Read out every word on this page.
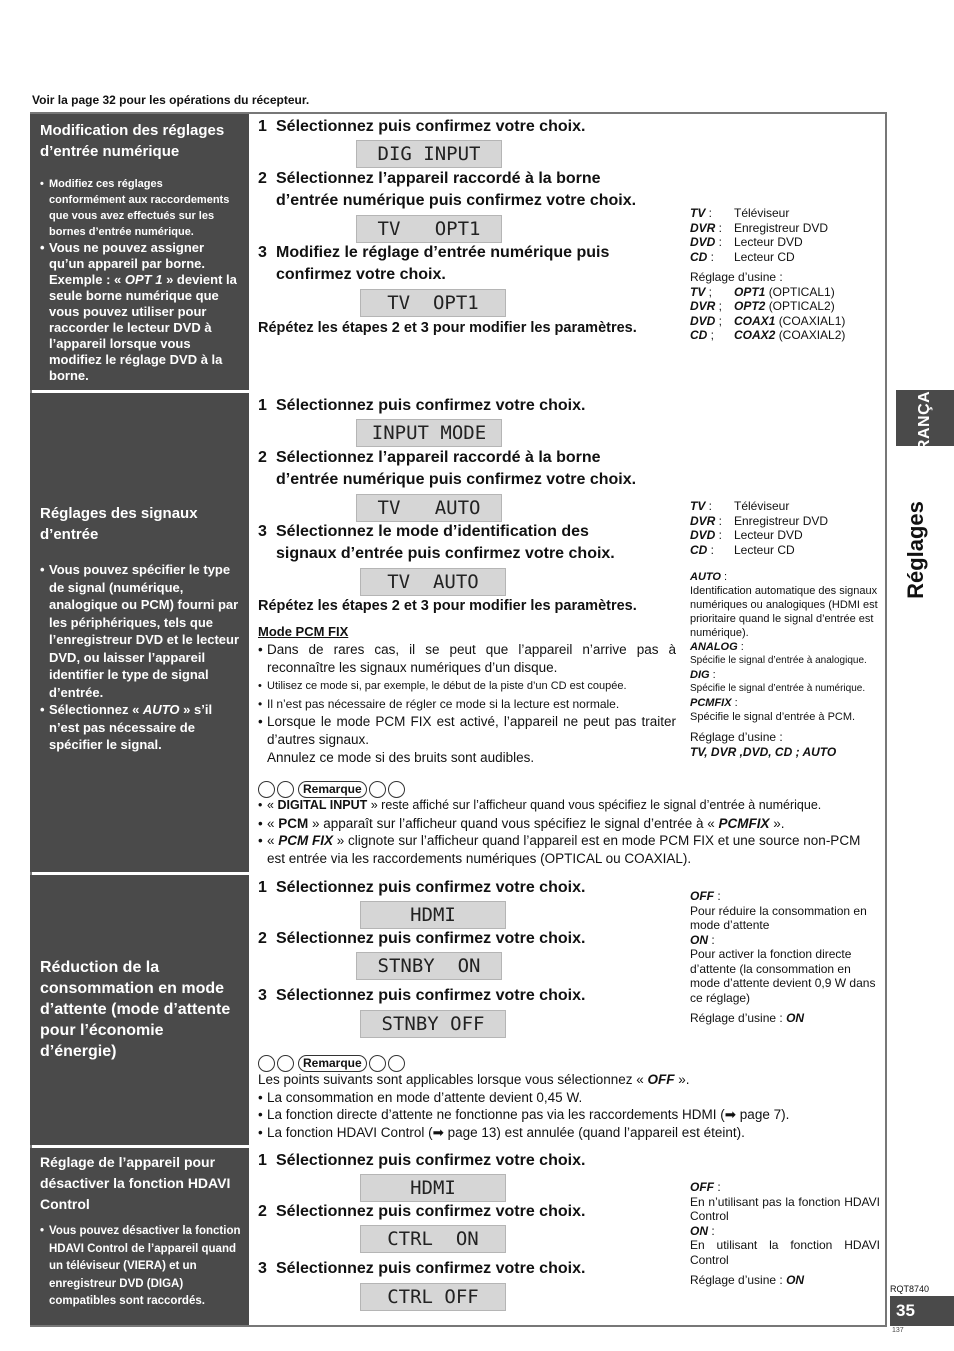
Voir la page 32 pour les opérations du récepteur.
Modification des réglages d’entrée numérique
• Modifiez ces réglages conformément aux raccordements que vous avez effectués sur les bornes d’entrée numérique.
• Vous ne pouvez assigner qu’un appareil par borne. Exemple : « OPT 1 » devient la seule borne numérique que vous pouvez utiliser pour raccorder le lecteur DVD à l’appareil lorsque vous modifiez le réglage DVD à la borne.
1 Sélectionnez puis confirmez votre choix.
DIG INPUT
2 Sélectionnez l’appareil raccordé à la borne
d’entrée numérique puis confirmez votre choix.
TV   OPT1
3 Modifiez le réglage d’entrée numérique puis
confirmez votre choix.
TV  OPT1
Répétez les étapes 2 et 3 pour modifier les paramètres.
TV :	Téléviseur
DVR :	Enregistreur DVD
DVD :	Lecteur DVD
CD :	Lecteur CD
Réglage d’usine :
TV ;	OPT1 (OPTICAL1)
DVR ;	OPT2 (OPTICAL2)
DVD ;	COAX1 (COAXIAL1)
CD ;	COAX2 (COAXIAL2)
Réglages des signaux d’entrée
• Vous pouvez spécifier le type de signal (numérique, analogique ou PCM) fourni par les périphériques, tels que l’enregistreur DVD et le lecteur DVD, ou laisser l’appareil identifier le type de signal d’entrée.
• Sélectionnez « AUTO » s’il n’est pas nécessaire de spécifier le signal.
1 Sélectionnez puis confirmez votre choix.
INPUT MODE
2 Sélectionnez l’appareil raccordé à la borne
d’entrée numérique puis confirmez votre choix.
TV   AUTO
3 Sélectionnez le mode d’identification des
signaux d’entrée puis confirmez votre choix.
TV  AUTO
Répétez les étapes 2 et 3 pour modifier les paramètres.
Mode PCM FIX
• Dans de rares cas, il se peut que l’appareil n’arrive pas à reconnaître les signaux numériques d’un disque.
• Utilisez ce mode si, par exemple, le début de la piste d’un CD est coupée.
• Il n’est pas nécessaire de régler ce mode si la lecture est normale.
• Lorsque le mode PCM FIX est activé, l’appareil ne peut pas traiter d’autres signaux.
Annulez ce mode si des bruits sont audibles.
TV :	Téléviseur
DVR :	Enregistreur DVD
DVD :	Lecteur DVD
CD :	Lecteur CD
AUTO :
Identification automatique des signaux numériques ou analogiques (HDMI est prioritaire quand le signal d’entrée est numérique).
ANALOG :
Spécifie le signal d’entrée à analogique.
DIG :
Spécifie le signal d’entrée à numérique.
PCMFIX :
Spécifie le signal d’entrée à PCM.
Réglage d’usine :
TV, DVR ,DVD, CD ; AUTO
Remarque
• « DIGITAL INPUT » reste affiché sur l’afficheur quand vous spécifiez le signal d’entrée à numérique.
• « PCM » apparaît sur l’afficheur quand vous spécifiez le signal d’entrée à « PCMFIX ».
• « PCM FIX » clignote sur l’afficheur quand l’appareil est en mode PCM FIX et une source non-PCM est entrée via les raccordements numériques (OPTICAL ou COAXIAL).
Réduction de la consommation en mode d’attente (mode d’attente pour l’économie d’énergie)
1 Sélectionnez puis confirmez votre choix.
HDMI
2 Sélectionnez puis confirmez votre choix.
STNBY  ON
3 Sélectionnez puis confirmez votre choix.
STNBY OFF
OFF :
Pour réduire la consommation en mode d’attente
ON :
Pour activer la fonction directe d’attente (la consommation en mode d’attente devient 0,9 W dans ce réglage)
Réglage d’usine : ON
Remarque
Les points suivants sont applicables lorsque vous sélectionnez « OFF ».
• La consommation en mode d’attente devient 0,45 W.
• La fonction directe d’attente ne fonctionne pas via les raccordements HDMI (➡ page 7).
• La fonction HDAVI Control (➡ page 13) est annulée (quand l’appareil est éteint).
Réglage de l’appareil pour désactiver la fonction HDAVI Control
• Vous pouvez désactiver la fonction HDAVI Control de l’appareil quand un téléviseur (VIERA) et un enregistreur DVD (DIGA) compatibles sont raccordés.
1 Sélectionnez puis confirmez votre choix.
HDMI
2 Sélectionnez puis confirmez votre choix.
CTRL  ON
3 Sélectionnez puis confirmez votre choix.
CTRL OFF
OFF :
En n’utilisant pas la fonction HDAVI Control
ON :
En utilisant la fonction HDAVI Control
Réglage d’usine : ON
FRANÇAIS
Réglages
RQT8740
35
137
